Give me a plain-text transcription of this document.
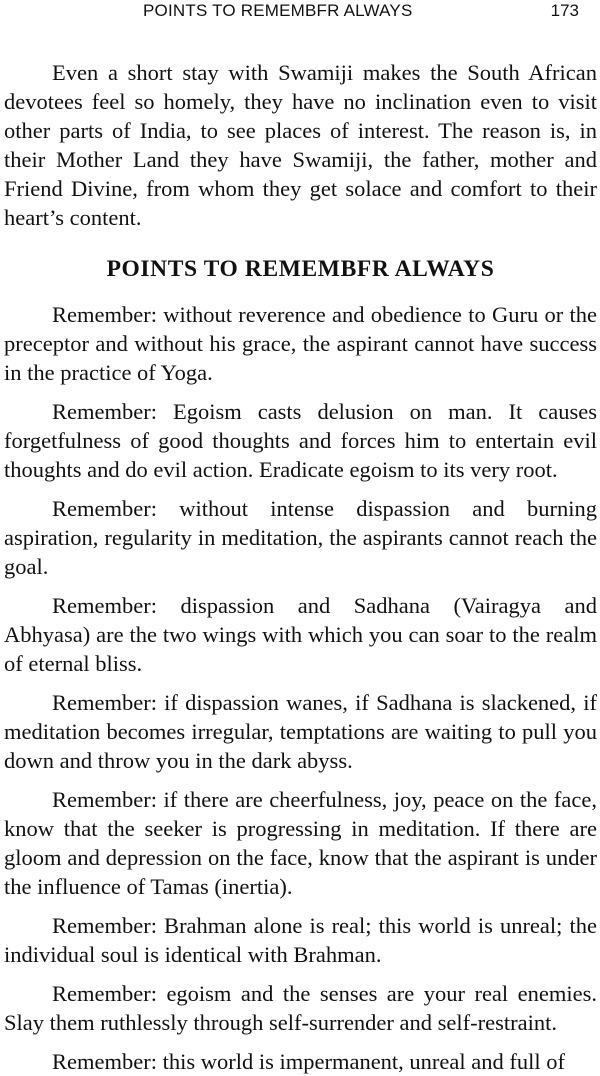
POINTS TO REMEMBFR ALWAYS	173

Even a short stay with Swamiji makes the South African devotees feel so homely, they have no inclination even to visit other parts of India, to see places of interest. The reason is, in their Mother Land they have Swamiji, the father, mother and Friend Divine, from whom they get solace and comfort to their heart’s content.

POINTS TO REMEMBFR ALWAYS

Remember: without reverence and obedience to Guru or the preceptor and without his grace, the aspirant cannot have success in the practice of Yoga.

Remember: Egoism casts delusion on man. It causes forgetfulness of good thoughts and forces him to entertain evil thoughts and do evil action. Eradicate egoism to its very root.

Remember: without intense dispassion and burning aspiration, regularity in meditation, the aspirants cannot reach the goal.

Remember: dispassion and Sadhana (Vairagya and Abhyasa) are the two wings with which you can soar to the realm of eternal bliss.

Remember: if dispassion wanes, if Sadhana is slackened, if meditation becomes irregular, temptations are waiting to pull you down and throw you in the dark abyss.

Remember: if there are cheerfulness, joy, peace on the face, know that the seeker is progressing in meditation. If there are gloom and depression on the face, know that the aspirant is under the influence of Tamas (inertia).

Remember: Brahman alone is real; this world is unreal; the individual soul is identical with Brahman.

Remember: egoism and the senses are your real enemies. Slay them ruthlessly through self-surrender and self-restraint.

Remember: this world is impermanent, unreal and full of
